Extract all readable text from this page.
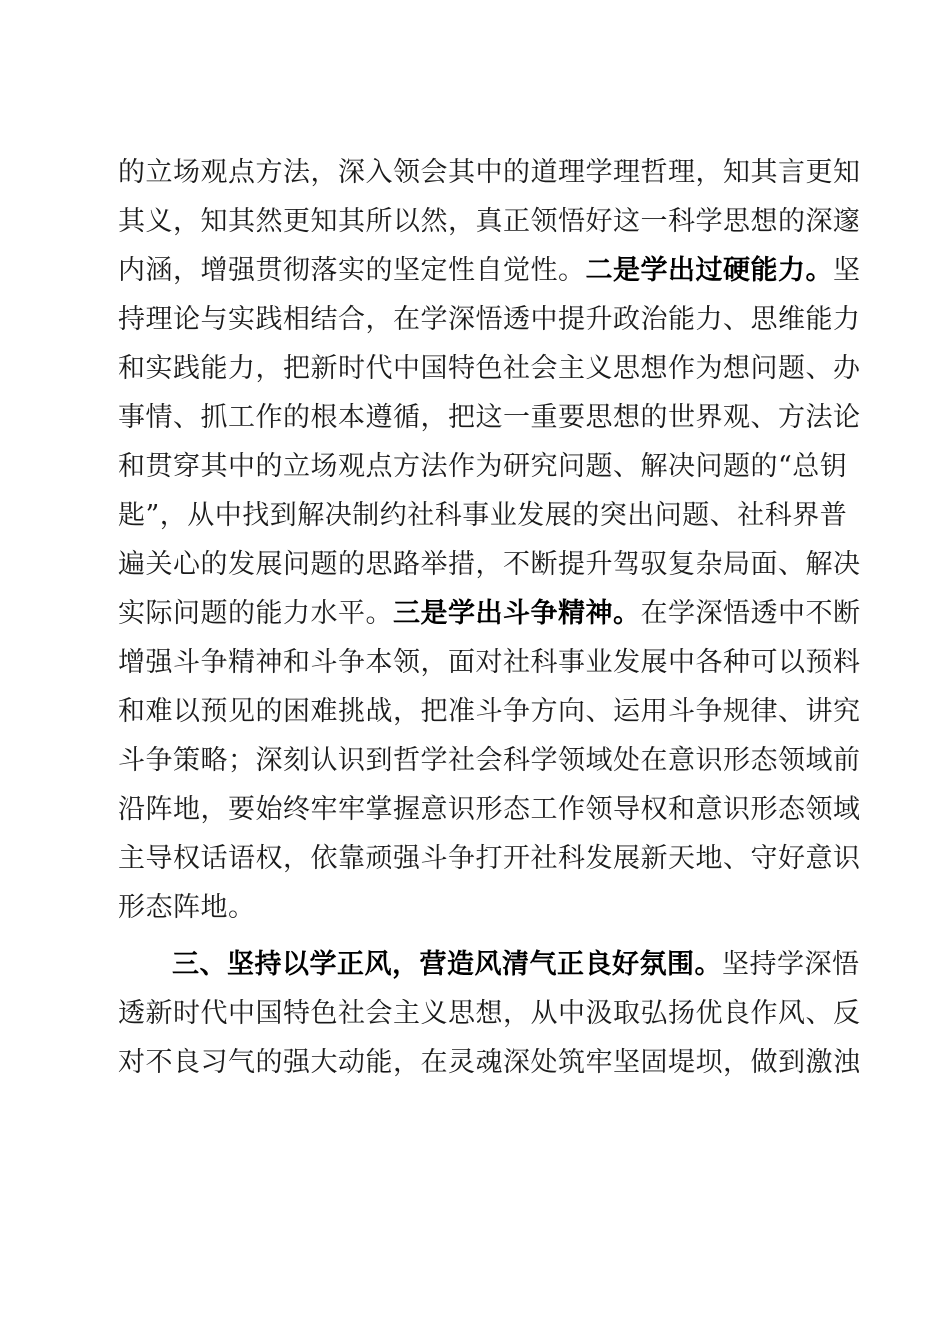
的立场观点方法，深入领会其中的道理学理哲理，知其言更知
其义，知其然更知其所以然，真正领悟好这一科学思想的深邃
内涵，增强贯彻落实的坚定性自觉性。二是学出过硬能力。坚
持理论与实践相结合，在学深悟透中提升政治能力、思维能力
和实践能力，把新时代中国特色社会主义思想作为想问题、办
事情、抓工作的根本遵循，把这一重要思想的世界观、方法论
和贯穿其中的立场观点方法作为研究问题、解决问题的“总钥
匙”，从中找到解决制约社科事业发展的突出问题、社科界普
遍关心的发展问题的思路举措，不断提升驾驭复杂局面、解决
实际问题的能力水平。三是学出斗争精神。在学深悟透中不断
增强斗争精神和斗争本领，面对社科事业发展中各种可以预料
和难以预见的困难挑战，把准斗争方向、运用斗争规律、讲究
斗争策略；深刻认识到哲学社会科学领域处在意识形态领域前
沿阵地，要始终牢牢掌握意识形态工作领导权和意识形态领域
主导权话语权，依靠顽强斗争打开社科发展新天地、守好意识
形态阵地。
三、坚持以学正风，营造风清气正良好氛围。坚持学深悟
透新时代中国特色社会主义思想，从中汲取弘扬优良作风、反
对不良习气的强大动能，在灵魂深处筑牢坚固堤坝，做到激浊
